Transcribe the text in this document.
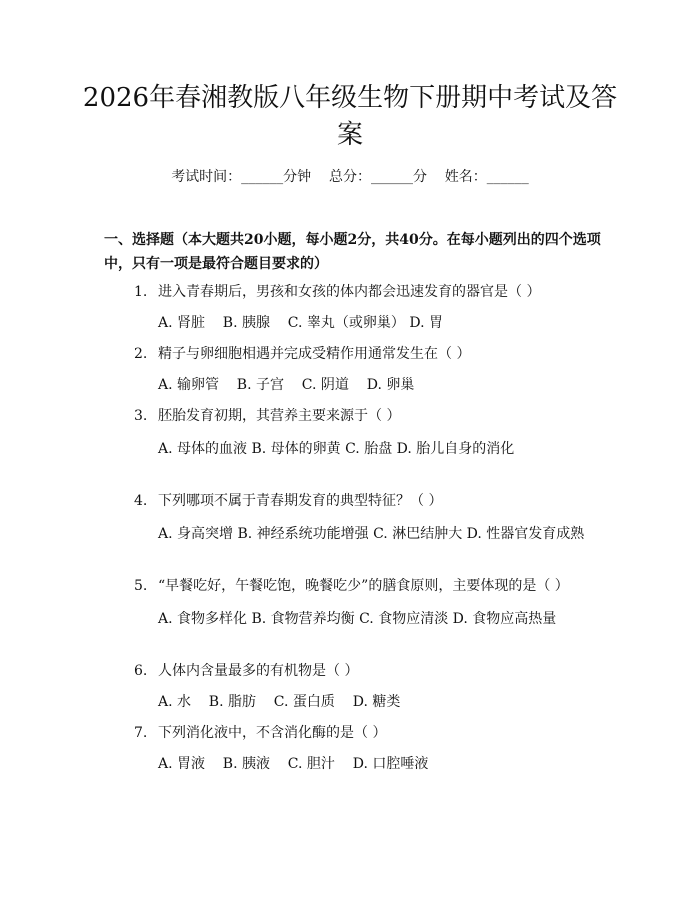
2026年春湘教版八年级生物下册期中考试及答案
考试时间：______分钟    总分：______分    姓名：______
一、选择题（本大题共20小题，每小题2分，共40分。在每小题列出的四个选项中，只有一项是最符合题目要求的）
1. 进入青春期后，男孩和女孩的体内都会迅速发育的器官是（ ）
A. 肾脏    B. 胰腺    C. 睾丸（或卵巢） D. 胃
2. 精子与卵细胞相遇并完成受精作用通常发生在（ ）
A. 输卵管    B. 子宫    C. 阴道    D. 卵巢
3. 胚胎发育初期，其营养主要来源于（ ）
A. 母体的血液 B. 母体的卵黄 C. 胎盘 D. 胎儿自身的消化
4. 下列哪项不属于青春期发育的典型特征？（ ）
A. 身高突增 B. 神经系统功能增强 C. 淋巴结肿大 D. 性器官发育成熟
5. “早餐吃好，午餐吃饱，晚餐吃少”的膳食原则，主要体现的是（ ）
A. 食物多样化 B. 食物营养均衡 C. 食物应清淡 D. 食物应高热量
6. 人体内含量最多的有机物是（ ）
A. 水    B. 脂肪    C. 蛋白质    D. 糖类
7. 下列消化液中，不含消化酶的是（ ）
A. 胃液    B. 胰液    C. 胆汁    D. 口腔唾液
